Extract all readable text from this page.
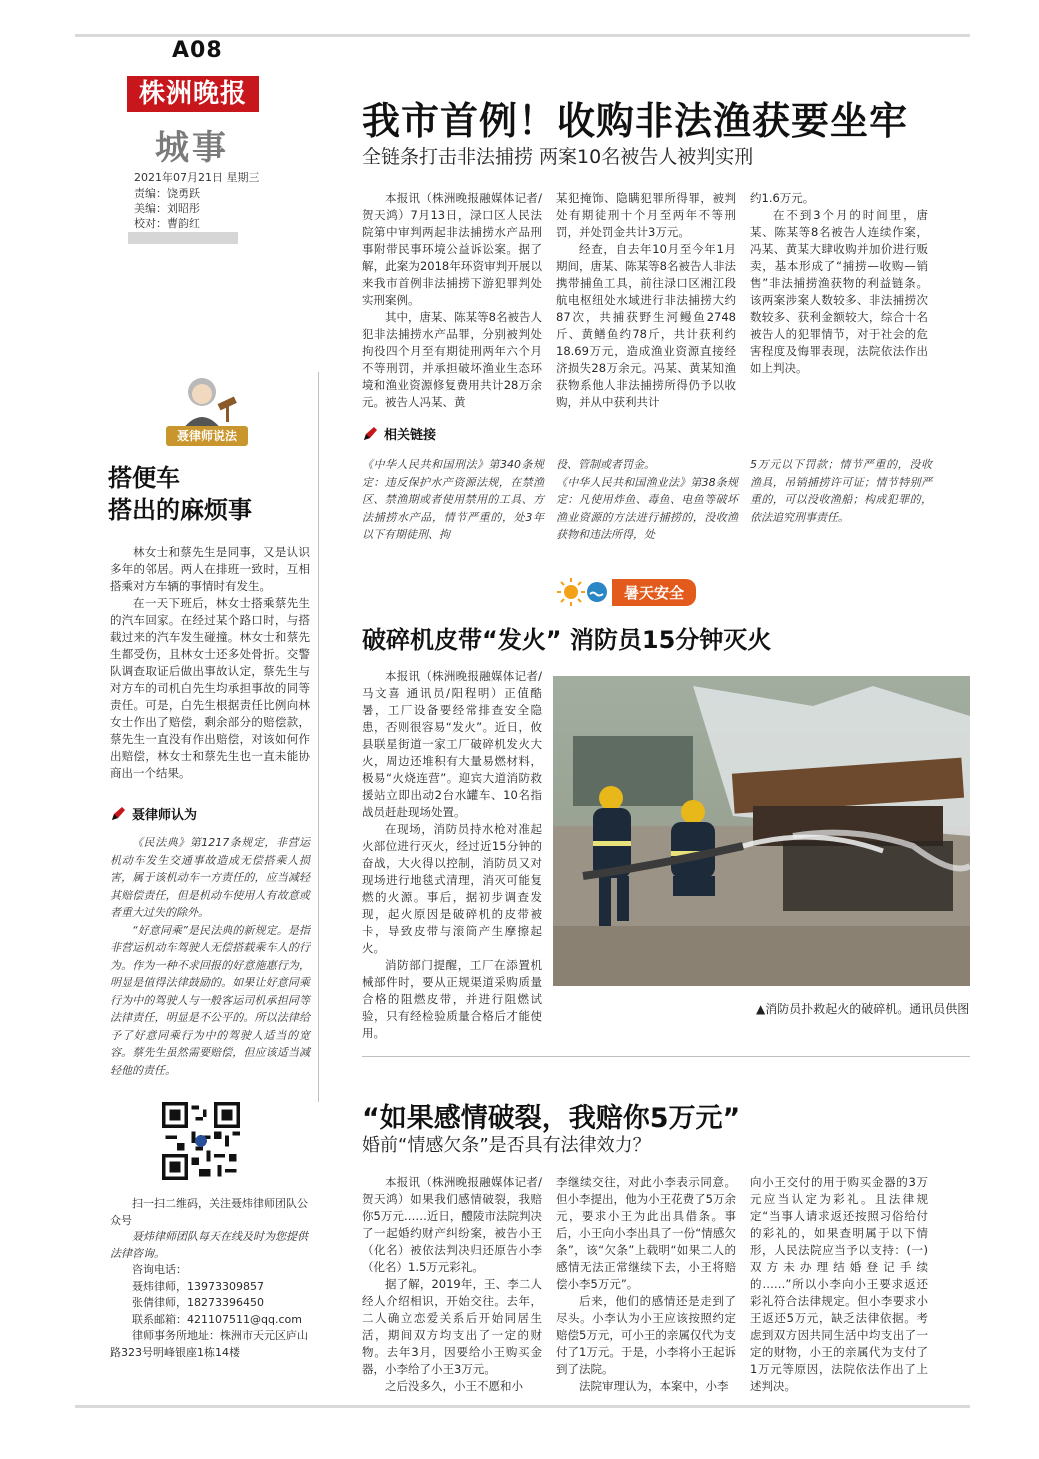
A08
株洲晚报
城事
2021年07月21日 星期三
责编：饶勇跃
美编：刘昭彤
校对：曹韵红
我市首例！收购非法渔获要坐牢
全链条打击非法捕捞 两案10名被告人被判实刑

本报讯（株洲晚报融媒体记者/贺天鸿）7月13日，渌口区人民法院第中审判两起非法捕捞水产品刑事附带民事环境公益诉讼案。据了解，此案为2018年环资审判开展以来我市首例非法捕捞下游犯罪判处实刑案例。

其中，唐某、陈某等8名被告人犯非法捕捞水产品罪，分别被判处拘役四个月至有期徒刑两年六个月不等刑罚，并承担破坏渔业生态环境和渔业资源修复费用共计28万余元。被告人冯某、黄

某犯掩饰、隐瞒犯罪所得罪，被判处有期徒刑十个月至两年不等刑罚，并处罚金共计3万元。

经查，自去年10月至今年1月期间，唐某、陈某等8名被告人非法携带捕鱼工具，前往渌口区湘江段航电枢纽处水域进行非法捕捞大约87次，共捕获野生河鳗鱼2748斤、黄鳝鱼约78斤，共计获利约18.69万元，造成渔业资源直接经济损失28万余元。冯某、黄某知渔获物系他人非法捕捞所得仍予以收购，并从中获利共计

约1.6万元。

在不到3个月的时间里，唐某、陈某等8名被告人连续作案，冯某、黄某大肆收购并加价进行贩卖，基本形成了“捕捞—收购—销售”非法捕捞渔获物的利益链条。该两案涉案人数较多、非法捕捞次数较多、获利金额较大，综合十名被告人的犯罪情节，对于社会的危害程度及悔罪表现，法院依法作出如上判决。

相关链接

《中华人民共和国刑法》第340条规定：违反保护水产资源法规，在禁渔区、禁渔期或者使用禁用的工具、方法捕捞水产品，情节严重的，处3年以下有期徒刑、拘

役、管制或者罚金。
《中华人民共和国渔业法》第38条规定：凡使用炸鱼、毒鱼、电鱼等破坏渔业资源的方法进行捕捞的，没收渔获物和违法所得，处

5万元以下罚款；情节严重的，没收渔具，吊销捕捞许可证；情节特别严重的，可以没收渔船；构成犯罪的，依法追究刑事责任。

聂律师说法
搭便车
搭出的麻烦事

林女士和蔡先生是同事，又是认识多年的邻居。两人在排班一致时，互相搭乘对方车辆的事情时有发生。

在一天下班后，林女士搭乘蔡先生的汽车回家。在经过某个路口时，与搭载过来的汽车发生碰撞。林女士和蔡先生都受伤，且林女士还多处骨折。交警队调查取证后做出事故认定，蔡先生与对方车的司机白先生均承担事故的同等责任。可是，白先生根据责任比例向林女士作出了赔偿，剩余部分的赔偿款，蔡先生一直没有作出赔偿，对该如何作出赔偿，林女士和蔡先生也一直未能协商出一个结果。

聂律师认为

《民法典》第1217条规定，非营运机动车发生交通事故造成无偿搭乘人损害，属于该机动车一方责任的，应当减轻其赔偿责任，但是机动车使用人有故意或者重大过失的除外。

“好意同乘”是民法典的新规定。是指非营运机动车驾驶人无偿搭载乘车人的行为。作为一种不求回报的好意施惠行为，明显是值得法律鼓励的。如果让好意同乘行为中的驾驶人与一般客运司机承担同等法律责任，明显是不公平的。所以法律给予了好意同乘行为中的驾驶人适当的宽容。蔡先生虽然需要赔偿，但应该适当减轻他的责任。

扫一扫二维码，关注聂炜律师团队公众号

聂炜律师团队每天在线及时为您提供法律咨询。

咨询电话：

聂炜律师，13973309857

张倩律师，18273396450

联系邮箱：421107511@qq.com

律师事务所地址：株洲市天元区庐山路323号明峰银座1栋14楼

暑天安全
破碎机皮带“发火” 消防员15分钟灭火

本报讯（株洲晚报融媒体记者/马文喜 通讯员/阳程明）正值酷暑，工厂设备要经常排查安全隐患，否则很容易“发火”。近日，攸县联星街道一家工厂破碎机发火大火，周边还堆积有大量易燃材料，极易“火烧连营”。迎宾大道消防救援站立即出动2台水罐车、10名指战员赶赴现场处置。

在现场，消防员持水枪对准起火部位进行灭火，经过近15分钟的奋战，大火得以控制，消防员又对现场进行地毯式清理，消灭可能复燃的火源。事后，据初步调查发现，起火原因是破碎机的皮带被卡，导致皮带与滚筒产生摩擦起火。

消防部门提醒，工厂在添置机械部件时，要从正规渠道采购质量合格的阻燃皮带，并进行阻燃试验，只有经检验质量合格后才能使用。

▲消防员扑救起火的破碎机。通讯员供图
“如果感情破裂，我赔你5万元”
婚前“情感欠条”是否具有法律效力？

本报讯（株洲晚报融媒体记者/贺天鸿）如果我们感情破裂，我赔你5万元……近日，醴陵市法院判决了一起婚约财产纠纷案，被告小王（化名）被依法判决归还原告小李（化名）1.5万元彩礼。

据了解，2019年，王、李二人经人介绍相识，开始交往。去年，二人确立恋爱关系后开始同居生活，期间双方均支出了一定的财物。去年3月，因要给小王购买金器，小李给了小王3万元。

之后没多久，小王不愿和小

李继续交往，对此小李表示同意。但小李提出，他为小王花费了5万余元，要求小王为此出具借条。事后，小王向小李出具了一份“情感欠条”，该“欠条”上载明“如果二人的感情无法正常继续下去，小王将赔偿小李5万元”。

后来，他们的感情还是走到了尽头。小李认为小王应该按照约定赔偿5万元，可小王的亲属仅代为支付了1万元。于是，小李将小王起诉到了法院。

法院审理认为，本案中，小李

向小王交付的用于购买金器的3万元应当认定为彩礼。且法律规定“当事人请求返还按照习俗给付的彩礼的，如果查明属于以下情形，人民法院应当予以支持：(一)双方未办理结婚登记手续的……”所以小李向小王要求返还彩礼符合法律规定。但小李要求小王返还5万元，缺乏法律依据。考虑到双方因共同生活中均支出了一定的财物，小王的亲属代为支付了1万元等原因，法院依法作出了上述判决。
